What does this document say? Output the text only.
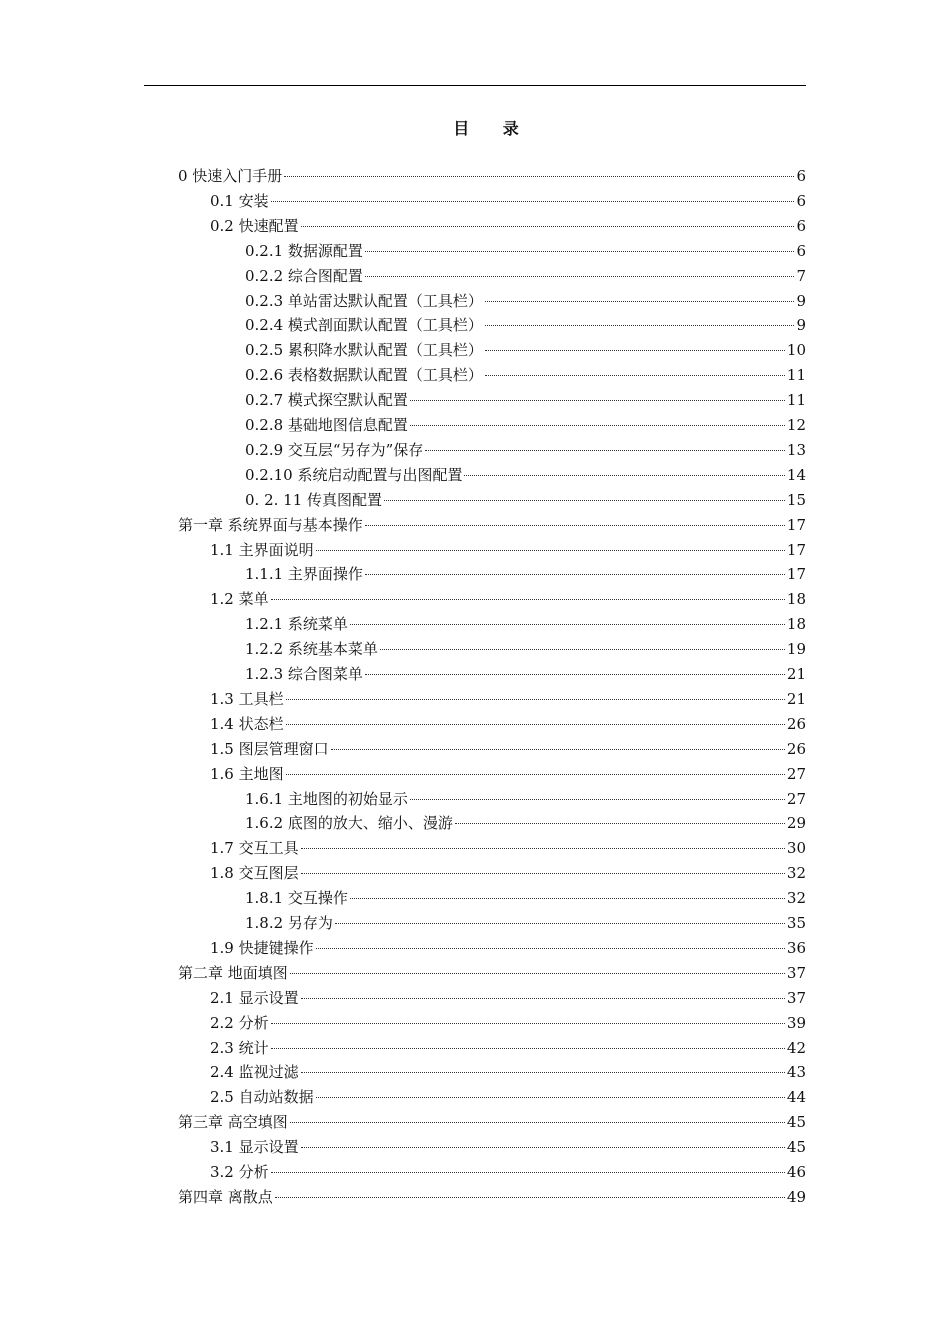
目 录
0 快速入门手册	6
0.1 安装	6
0.2 快速配置	6
0.2.1 数据源配置	6
0.2.2 综合图配置	7
0.2.3 单站雷达默认配置（工具栏）	9
0.2.4 模式剖面默认配置（工具栏）	9
0.2.5 累积降水默认配置（工具栏）	10
0.2.6 表格数据默认配置（工具栏）	11
0.2.7 模式探空默认配置	11
0.2.8 基础地图信息配置	12
0.2.9 交互层“另存为”保存	13
0.2.10 系统启动配置与出图配置	14
0. 2. 11 传真图配置	15
第一章 系统界面与基本操作	17
1.1 主界面说明	17
1.1.1 主界面操作	17
1.2 菜单	18
1.2.1 系统菜单	18
1.2.2 系统基本菜单	19
1.2.3 综合图菜单	21
1.3 工具栏	21
1.4 状态栏	26
1.5 图层管理窗口	26
1.6 主地图	27
1.6.1 主地图的初始显示	27
1.6.2 底图的放大、缩小、漫游	29
1.7 交互工具	30
1.8 交互图层	32
1.8.1 交互操作	32
1.8.2 另存为	35
1.9 快捷键操作	36
第二章 地面填图	37
2.1 显示设置	37
2.2 分析	39
2.3 统计	42
2.4 监视过滤	43
2.5 自动站数据	44
第三章 高空填图	45
3.1 显示设置	45
3.2 分析	46
第四章 离散点	49
